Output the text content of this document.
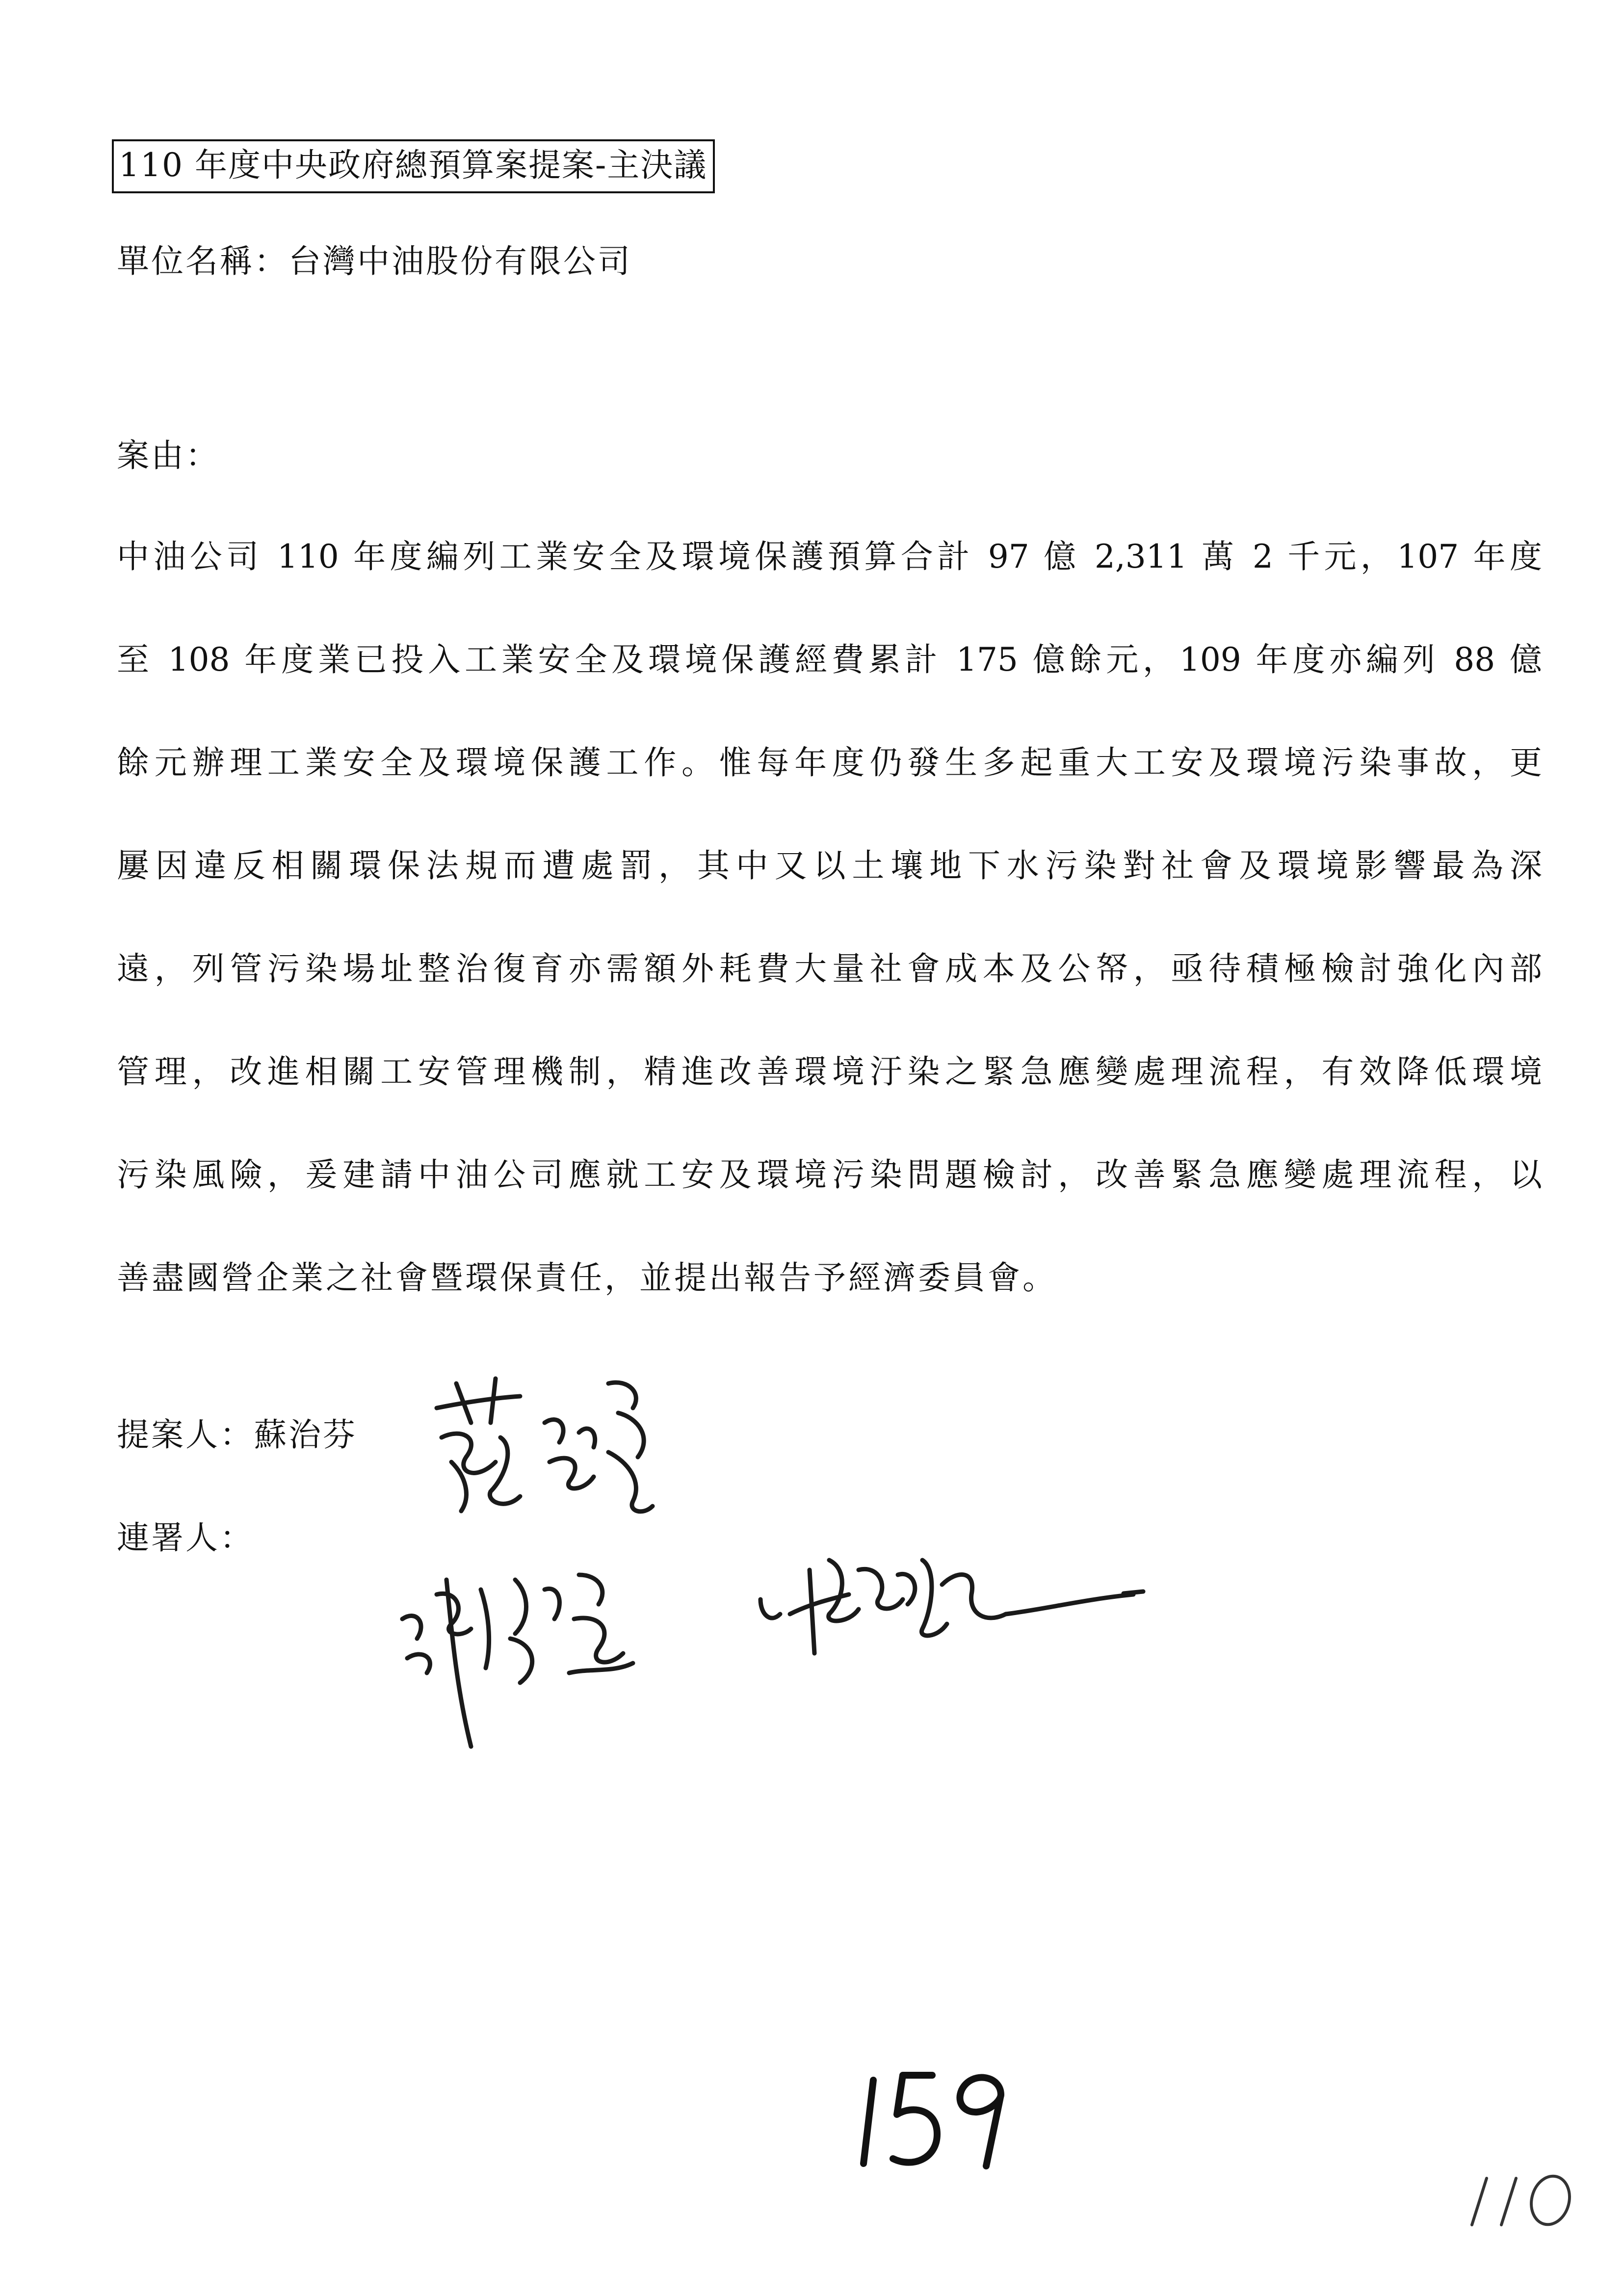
110 年度中央政府總預算案提案-主決議
單位名稱：台灣中油股份有限公司
案由：
中油公司 110 年度編列工業安全及環境保護預算合計 97 億 2,311 萬 2 千元，107 年度
至 108 年度業已投入工業安全及環境保護經費累計 175 億餘元，109 年度亦編列 88 億
餘元辦理工業安全及環境保護工作。惟每年度仍發生多起重大工安及環境污染事故，更
屢因違反相關環保法規而遭處罰，其中又以土壤地下水污染對社會及環境影響最為深
遠，列管污染場址整治復育亦需額外耗費大量社會成本及公帑，亟待積極檢討強化內部
管理，改進相關工安管理機制，精進改善環境汙染之緊急應變處理流程，有效降低環境
污染風險，爰建請中油公司應就工安及環境污染問題檢討，改善緊急應變處理流程，以
善盡國營企業之社會暨環保責任，並提出報告予經濟委員會。
提案人：蘇治芬
連署人：
